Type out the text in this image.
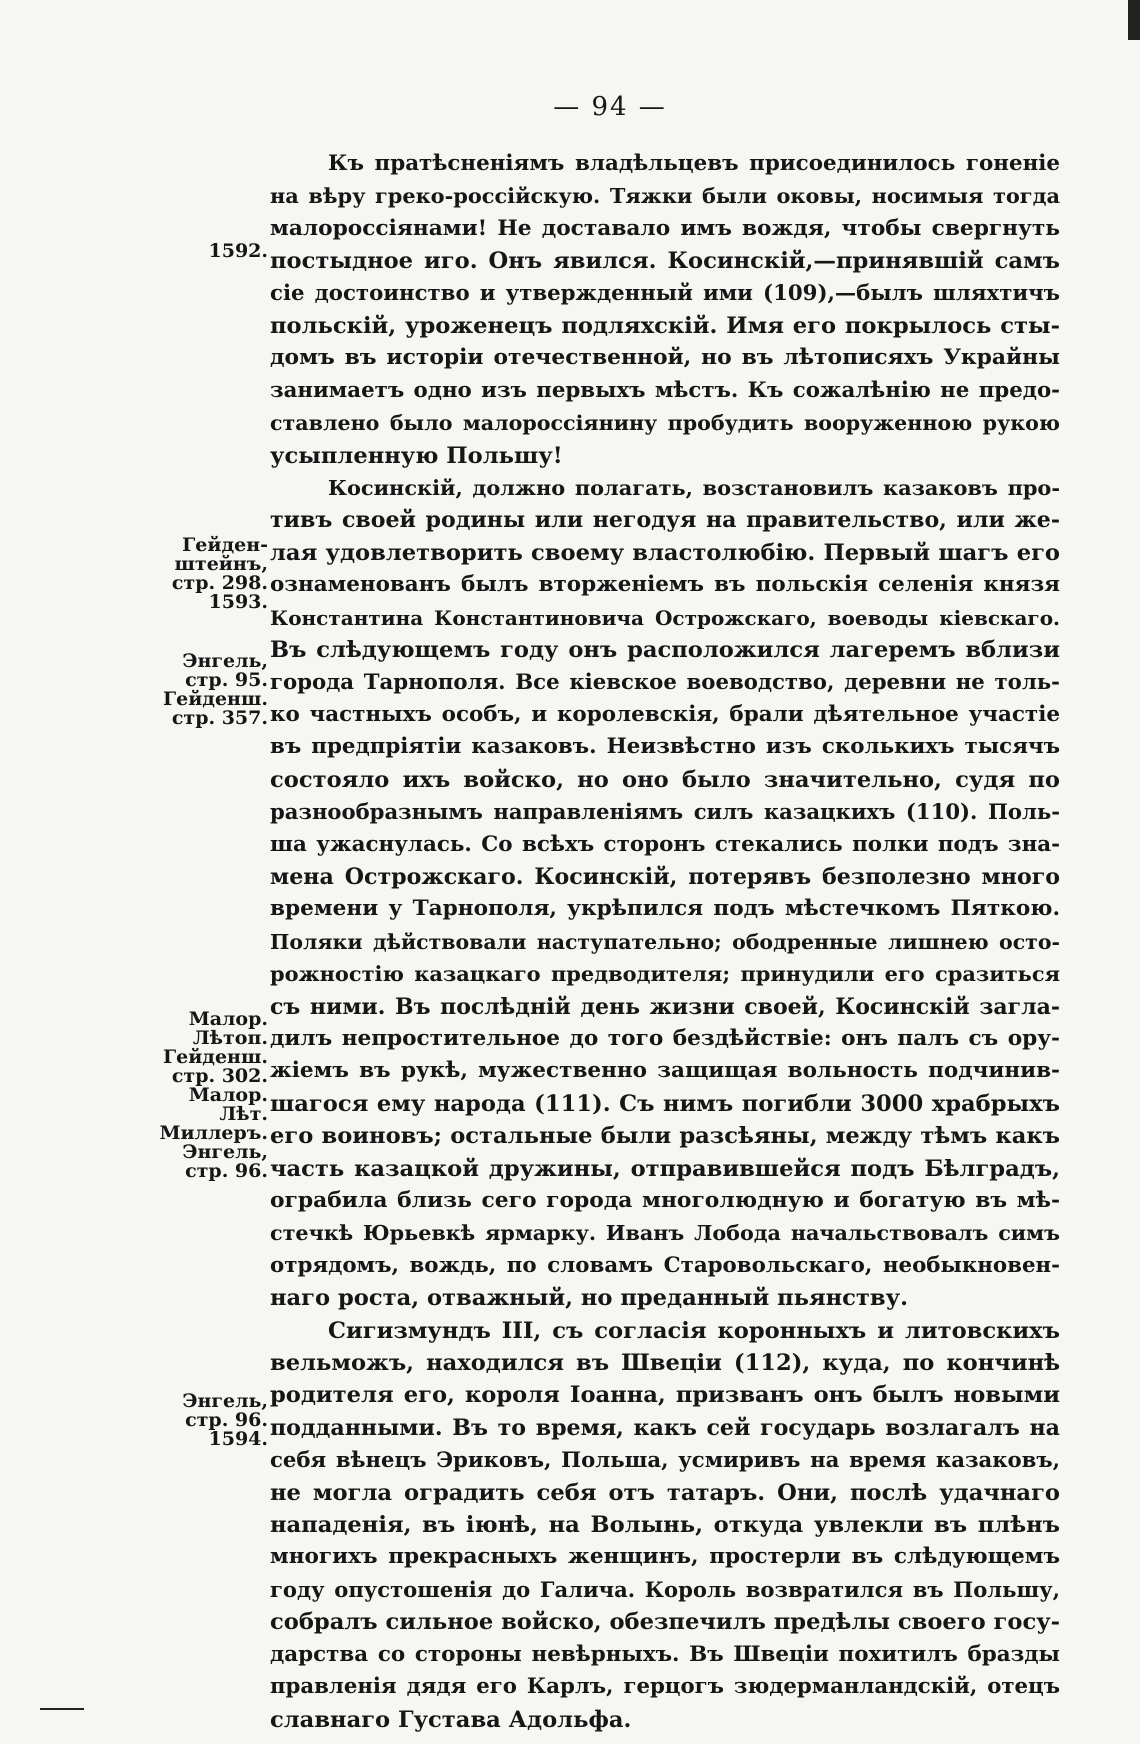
— 94 —

Къ пратѣсненіямъ владѣльцевъ присоединилось гоненіе
на вѣру греко-россійскую. Тяжки были оковы, носимыя тогда
малороссіянами! Не доставало имъ вождя, чтобы свергнуть
постыдное иго. Онъ явился. Косинскій,—принявшій самъ
сіе достоинство и утвержденный ими (109),—былъ шляхтичъ
польскій, уроженецъ подляхскій. Имя его покрылось сты-
домъ въ исторіи отечественной, но въ лѣтописяхъ Украйны
занимаетъ одно изъ первыхъ мѣстъ. Къ сожалѣнію не предо-
ставлено было малороссіянину пробудить вооруженною рукою
усыпленную Польшу!

Косинскій, должно полагать, возстановилъ казаковъ про-
тивъ своей родины или негодуя на правительство, или же-
лая удовлетворить своему властолюбію. Первый шагъ его
ознаменованъ былъ вторженіемъ въ польскія селенія князя
Константина Константиновича Острожскаго, воеводы кіевскаго.
Въ слѣдующемъ году онъ расположился лагеремъ вблизи
города Тарнополя. Все кіевское воеводство, деревни не толь-
ко частныхъ особъ, и королевскія, брали дѣятельное участіе
въ предпріятіи казаковъ. Неизвѣстно изъ сколькихъ тысячъ
состояло ихъ войско, но оно было значительно, судя по
разнообразнымъ направленіямъ силъ казацкихъ (110). Поль-
ша ужаснулась. Со всѣхъ сторонъ стекались полки подъ зна-
мена Острожскаго. Косинскій, потерявъ безполезно много
времени у Тарнополя, укрѣпился подъ мѣстечкомъ Пяткою.
Поляки дѣйствовали наступательно; ободренные лишнею осто-
рожностію казацкаго предводителя; принудили его сразиться
съ ними. Въ послѣдній день жизни своей, Косинскій загла-
дилъ непростительное до того бездѣйствіе: онъ палъ съ ору-
жіемъ въ рукѣ, мужественно защищая вольность подчинив-
шагося ему народа (111). Съ нимъ погибли 3000 храбрыхъ
его воиновъ; остальные были разсѣяны, между тѣмъ какъ
часть казацкой дружины, отправившейся подъ Бѣлградъ,
ограбила близь сего города многолюдную и богатую въ мѣ-
стечкѣ Юрьевкѣ ярмарку. Иванъ Лобода начальствовалъ симъ
отрядомъ, вождь, по словамъ Старовольскаго, необыкновен-
наго роста, отважный, но преданный пьянству.

Сигизмундъ III, съ согласія коронныхъ и литовскихъ
вельможъ, находился въ Швеціи (112), куда, по кончинѣ
родителя его, короля Іоанна, призванъ онъ былъ новыми
подданными. Въ то время, какъ сей государь возлагалъ на
себя вѣнецъ Эриковъ, Польша, усмиривъ на время казаковъ,
не могла оградить себя отъ татаръ. Они, послѣ удачнаго
нападенія, въ іюнѣ, на Волынь, откуда увлекли въ плѣнъ
многихъ прекрасныхъ женщинъ, простерли въ слѣдующемъ
году опустошенія до Галича. Король возвратился въ Польшу,
собралъ сильное войско, обезпечилъ предѣлы своего госу-
дарства со стороны невѣрныхъ. Въ Швеціи похитилъ бразды
правленія дядя его Карлъ, герцогъ зюдерманландскій, отецъ
славнаго Густава Адольфа.

1592.
Гейден-
штейнъ,
стр. 298.
1593.
Энгель,
стр. 95.
Гейденш.
стр. 357.
Малор.
Лѣтоп.
Гейденш.
стр. 302.
Малор.
Лѣт.
Миллеръ.
Энгель,
стр. 96.
Энгель,
стр. 96.
1594.
